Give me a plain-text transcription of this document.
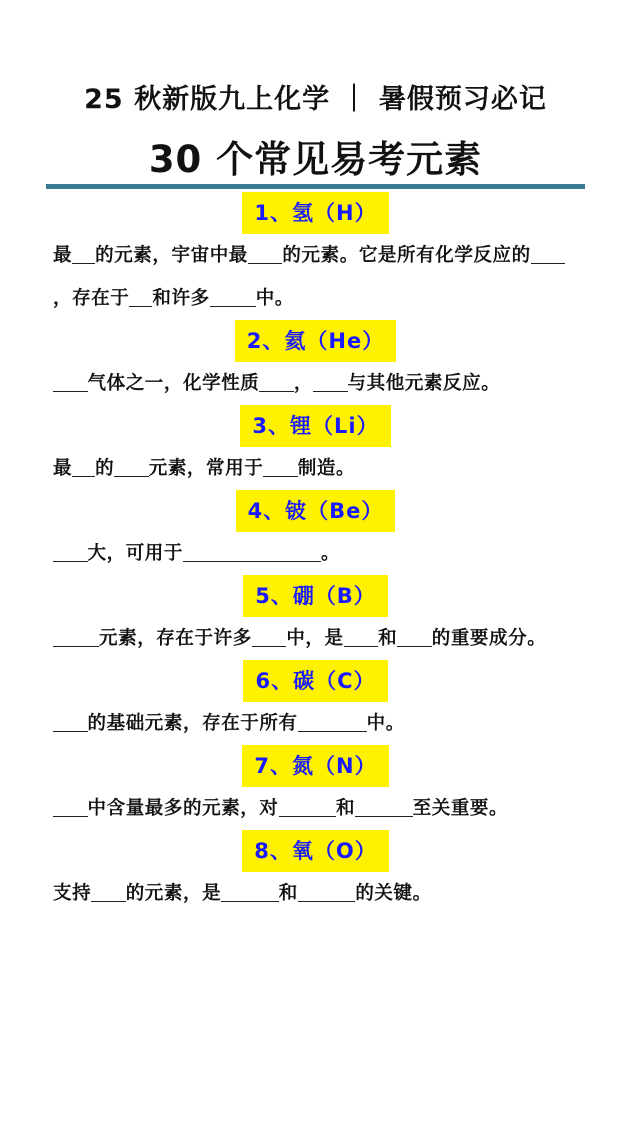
25 秋新版九上化学 ｜ 暑假预习必记
30 个常见易考元素
1、氢（H）
最 的元素，宇宙中最 的元素。它是所有化学反应的，存在于 和许多 中。
2、氦（He）
气体之一，化学性质 ， 与其他元素反应。
3、锂（Li）
最 的 元素，常用于 制造。
4、铍（Be）
大，可用于	。
5、硼（B）
元素，存在于许多 中，是 和 的重要成分。
6、碳（C）
的基础元素，存在于所有	中。
7、氮（N）
中含量最多的元素，对	和	至关重要。
8、氧（O）
支持 的元素，是	和	的关键。
